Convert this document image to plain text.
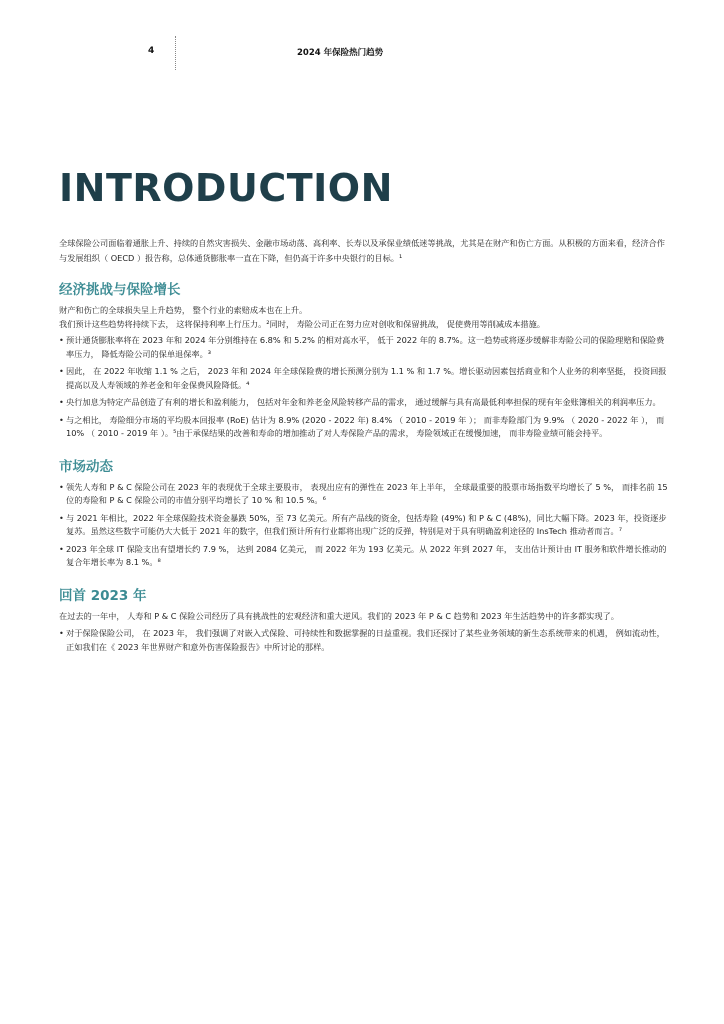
4	2024 年保险热门趋势
INTRODUCTION

全球保险公司面临着通胀上升、持续的自然灾害损失、金融市场动荡、高利率、长寿以及承保业绩低迷等挑战，尤其是在财产和伤亡方面。从积极的方面来看，经济合作与发展组织（ OECD ）报告称，总体通货膨胀率一直在下降，但仍高于许多中央银行的目标。¹

经济挑战与保险增长

财产和伤亡的全球损失呈上升趋势， 整个行业的索赔成本也在上升。

我们预计这些趋势将持续下去， 这将保持利率上行压力。²同时， 寿险公司正在努力应对创收和保留挑战， 促使费用等削减成本措施。

• 预计通货膨胀率将在 2023 年和 2024 年分别维持在 6.8% 和 5.2% 的相对高水平， 低于 2022 年的 8.7%。这一趋势或将逐步缓解非寿险公司的保险理赔和保险费率压力， 降低寿险公司的保单退保率。³
• 因此， 在 2022 年收缩 1.1 % 之后， 2023 年和 2024 年全球保险费的增长预测分别为 1.1 % 和 1.7 %。增长驱动因素包括商业和个人业务的利率坚挺， 投资回报提高以及人寿领域的养老金和年金保费风险降低。⁴
• 央行加息为特定产品创造了有利的增长和盈利能力， 包括对年金和养老金风险转移产品的需求， 通过缓解与具有高最低利率担保的现有年金账簿相关的利润率压力。
• 与之相比， 寿险细分市场的平均股本回报率 (RoE) 估计为 8.9% (2020 - 2022 年) 8.4% （ 2010 - 2019 年 ）； 而非寿险部门为 9.9% （ 2020 - 2022 年 ）， 而 10% （ 2010 - 2019 年 ）。⁵由于承保结果的改善和寿命的增加推动了对人寿保险产品的需求， 寿险领域正在缓慢加速， 而非寿险业绩可能会持平。
市场动态
• 领先人寿和 P & C 保险公司在 2023 年的表现优于全球主要股市， 表现出应有的弹性在 2023 年上半年， 全球最重要的股票市场指数平均增长了 5 %， 而排名前 15 位的寿险和 P & C 保险公司的市值分别平均增长了 10 % 和 10.5 %。⁶
• 与 2021 年相比，2022 年全球保险技术资金暴跌 50%，至 73 亿美元。所有产品线的资金，包括寿险 (49%) 和 P & C (48%)，同比大幅下降。2023 年，投资逐步复苏。虽然这些数字可能仍大大低于 2021 年的数字，但我们预计所有行业都将出现广泛的反弹，特别是对于具有明确盈利途径的 InsTech 推动者而言。⁷
• 2023 年全球 IT 保险支出有望增长约 7.9 %， 达到 2084 亿美元， 而 2022 年为 193 亿美元。从 2022 年到 2027 年， 支出估计预计由 IT 服务和软件增长推动的复合年增长率为 8.1 %。⁸
回首 2023 年

在过去的一年中， 人寿和 P & C 保险公司经历了具有挑战性的宏观经济和重大逆风。我们的 2023 年 P & C 趋势和 2023 年生活趋势中的许多都实现了。

• 对于保险保险公司， 在 2023 年， 我们强调了对嵌入式保险、可持续性和数据掌握的日益重视。我们还探讨了某些业务领域的新生态系统带来的机遇， 例如流动性， 正如我们在《 2023 年世界财产和意外伤害保险报告》中所讨论的那样。
